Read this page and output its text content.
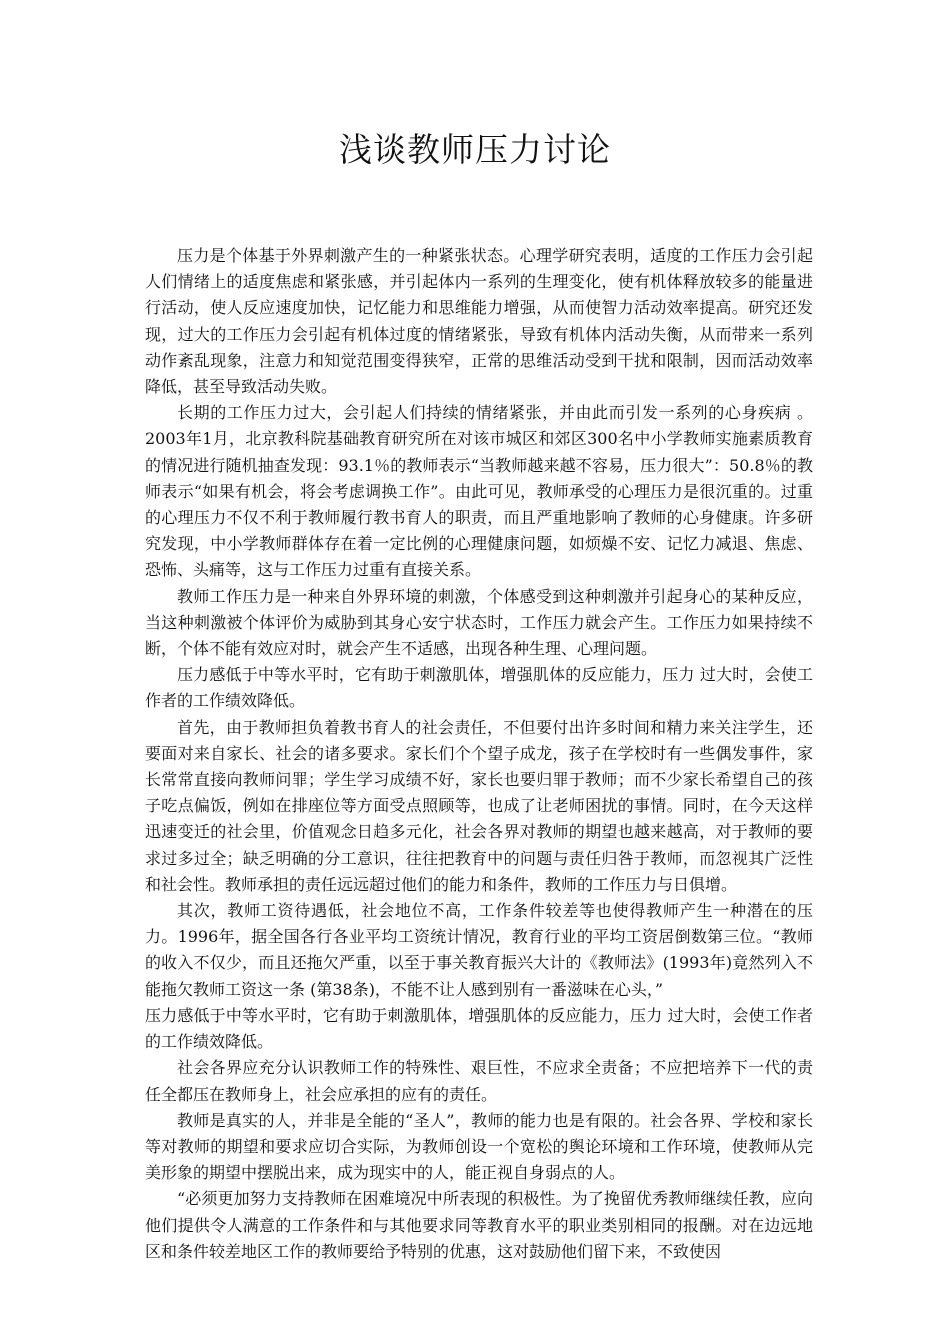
浅谈教师压力讨论

压力是个体基于外界刺激产生的一种紧张状态。心理学研究表明，适度的工作压力会引起人们情绪上的适度焦虑和紧张感，并引起体内一系列的生理变化，使有机体释放较多的能量进行活动，使人反应速度加快，记忆能力和思维能力增强，从而使智力活动效率提高。研究还发现，过大的工作压力会引起有机体过度的情绪紧张，导致有机体内活动失衡，从而带来一系列动作紊乱现象，注意力和知觉范围变得狭窄，正常的思维活动受到干扰和限制，因而活动效率降低，甚至导致活动失败。

长期的工作压力过大，会引起人们持续的情绪紧张，并由此而引发一系列的心身疾病 。2003年1月，北京教科院基础教育研究所在对该市城区和郊区300名中小学教师实施素质教育的情况进行随机抽查发现：93.1％的教师表示“当教师越来越不容易，压力很大”：50.8％的教师表示“如果有机会，将会考虑调换工作”。由此可见，教师承受的心理压力是很沉重的。过重的心理压力不仅不利于教师履行教书育人的职责，而且严重地影响了教师的心身健康。许多研究发现，中小学教师群体存在着一定比例的心理健康问题，如烦燥不安、记忆力减退、焦虑、恐怖、头痛等，这与工作压力过重有直接关系。

教师工作压力是一种来自外界环境的刺激，个体感受到这种刺激并引起身心的某种反应，当这种刺激被个体评价为威胁到其身心安宁状态时，工作压力就会产生。工作压力如果持续不断，个体不能有效应对时，就会产生不适感，出现各种生理、心理问题。

压力感低于中等水平时，它有助于刺激肌体，增强肌体的反应能力，压力 过大时，会使工作者的工作绩效降低。

首先，由于教师担负着教书育人的社会责任，不但要付出许多时间和精力来关注学生，还要面对来自家长、社会的诸多要求。家长们个个望子成龙，孩子在学校时有一些偶发事件，家长常常直接向教师问罪；学生学习成绩不好，家长也要归罪于教师；而不少家长希望自己的孩子吃点偏饭，例如在排座位等方面受点照顾等，也成了让老师困扰的事情。同时，在今天这样迅速变迁的社会里，价值观念日趋多元化，社会各界对教师的期望也越来越高，对于教师的要求过多过全；缺乏明确的分工意识，往往把教育中的问题与责任归咎于教师，而忽视其广泛性和社会性。教师承担的责任远远超过他们的能力和条件，教师的工作压力与日俱增。

其次，教师工资待遇低，社会地位不高，工作条件较差等也使得教师产生一种潜在的压力。1996年，据全国各行各业平均工资统计情况，教育行业的平均工资居倒数第三位。“教师的收入不仅少，而且还拖欠严重，以至于事关教育振兴大计的《教师法》(1993年)竟然列入不能拖欠教师工资这一条 (第38条)，不能不让人感到别有一番滋味在心头，”

压力感低于中等水平时，它有助于刺激肌体，增强肌体的反应能力，压力 过大时，会使工作者的工作绩效降低。

社会各界应充分认识教师工作的特殊性、艰巨性，不应求全责备；不应把培养下一代的责任全都压在教师身上，社会应承担的应有的责任。

教师是真实的人，并非是全能的“圣人”，教师的能力也是有限的。社会各界、学校和家长等对教师的期望和要求应切合实际，为教师创设一个宽松的舆论环境和工作环境，使教师从完美形象的期望中摆脱出来，成为现实中的人，能正视自身弱点的人。

“必须更加努力支持教师在困难境况中所表现的积极性。为了挽留优秀教师继续任教，应向他们提供令人满意的工作条件和与其他要求同等教育水平的职业类别相同的报酬。对在边远地区和条件较差地区工作的教师要给予特别的优惠，这对鼓励他们留下来，不致使因
